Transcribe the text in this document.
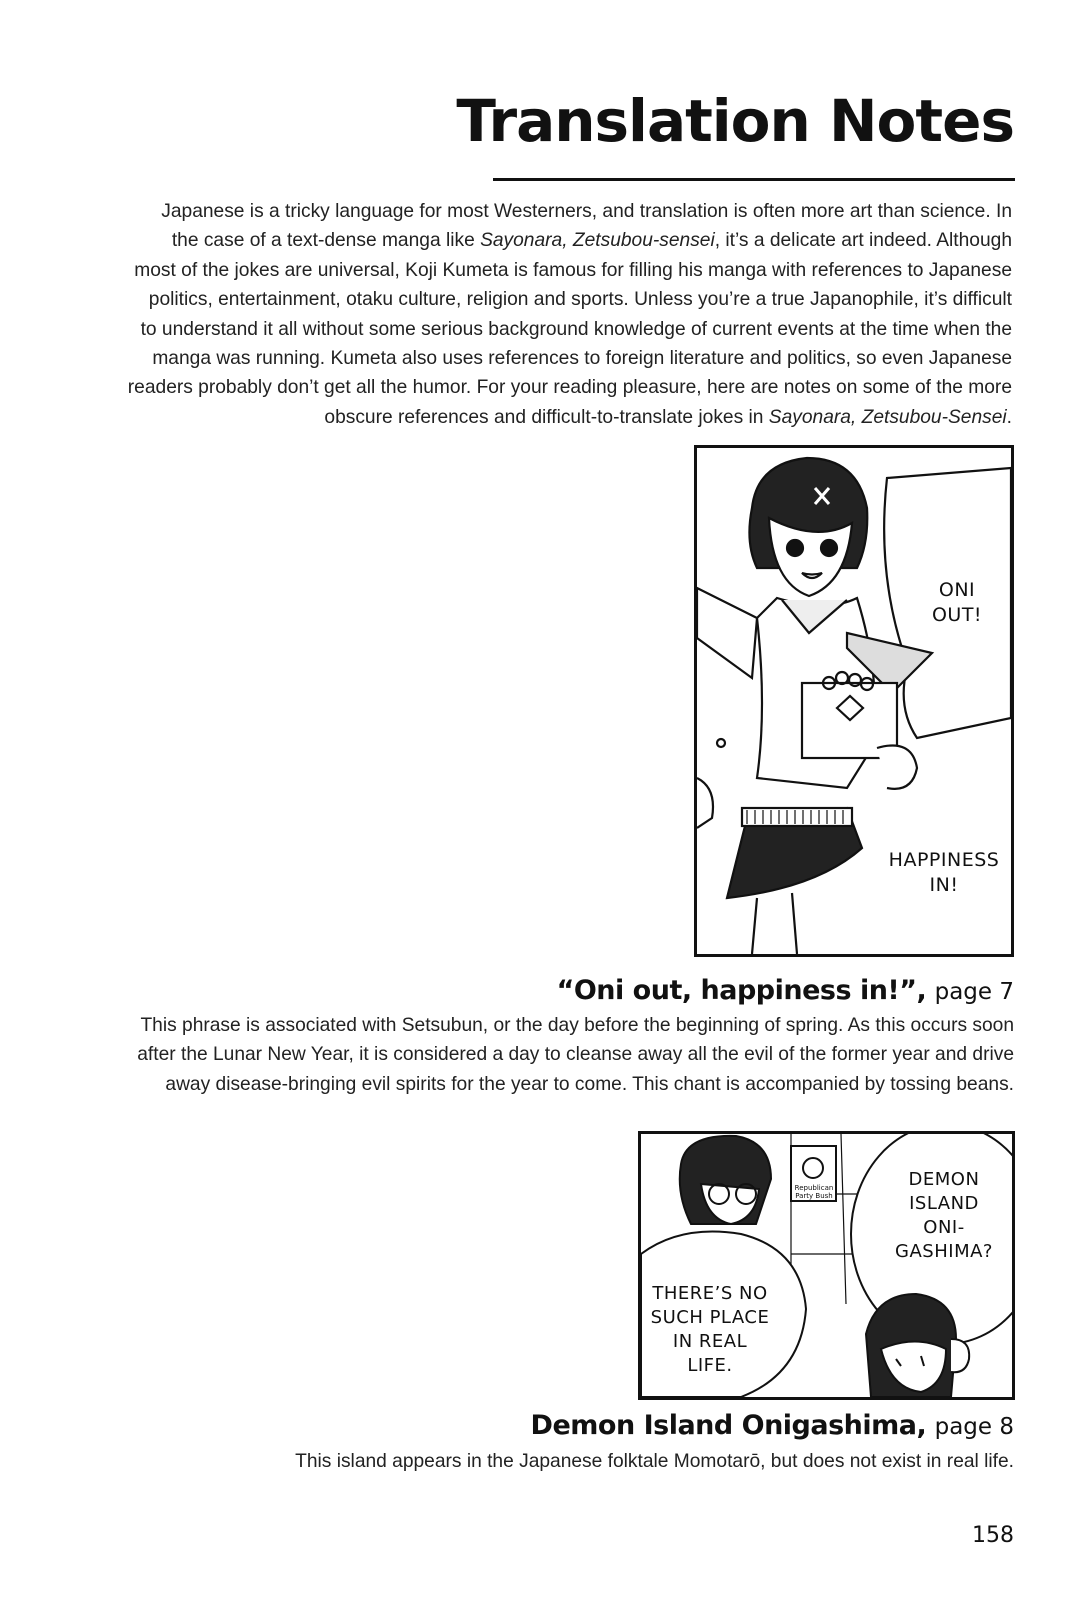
Translation Notes

Japanese is a tricky language for most Westerners, and translation is often more art than science. In
the case of a text-dense manga like Sayonara, Zetsubou-sensei, it’s a delicate art indeed. Although
most of the jokes are universal, Koji Kumeta is famous for filling his manga with references to Japanese
politics, entertainment, otaku culture, religion and sports. Unless you’re a true Japanophile, it’s difficult
to understand it all without some serious background knowledge of current events at the time when the
manga was running. Kumeta also uses references to foreign literature and politics, so even Japanese
readers probably don’t get all the humor. For your reading pleasure, here are notes on some of the more
obscure references and difficult-to-translate jokes in Sayonara, Zetsubou-Sensei.

ONI OUT!
HAPPINESS IN!
“Oni out, happiness in!”, page 7

This phrase is associated with Setsubun, or the day before the beginning of spring. As this occurs soon
after the Lunar New Year, it is considered a day to cleanse away all the evil of the former year and drive
away disease-bringing evil spirits for the year to come. This chant is accompanied by tossing beans.

Republican Party Bush
DEMON ISLAND ONI- GASHIMA?
THERE’S NO SUCH PLACE IN REAL LIFE.
Demon Island Onigashima, page 8

This island appears in the Japanese folktale Momotarō, but does not exist in real life.

158
